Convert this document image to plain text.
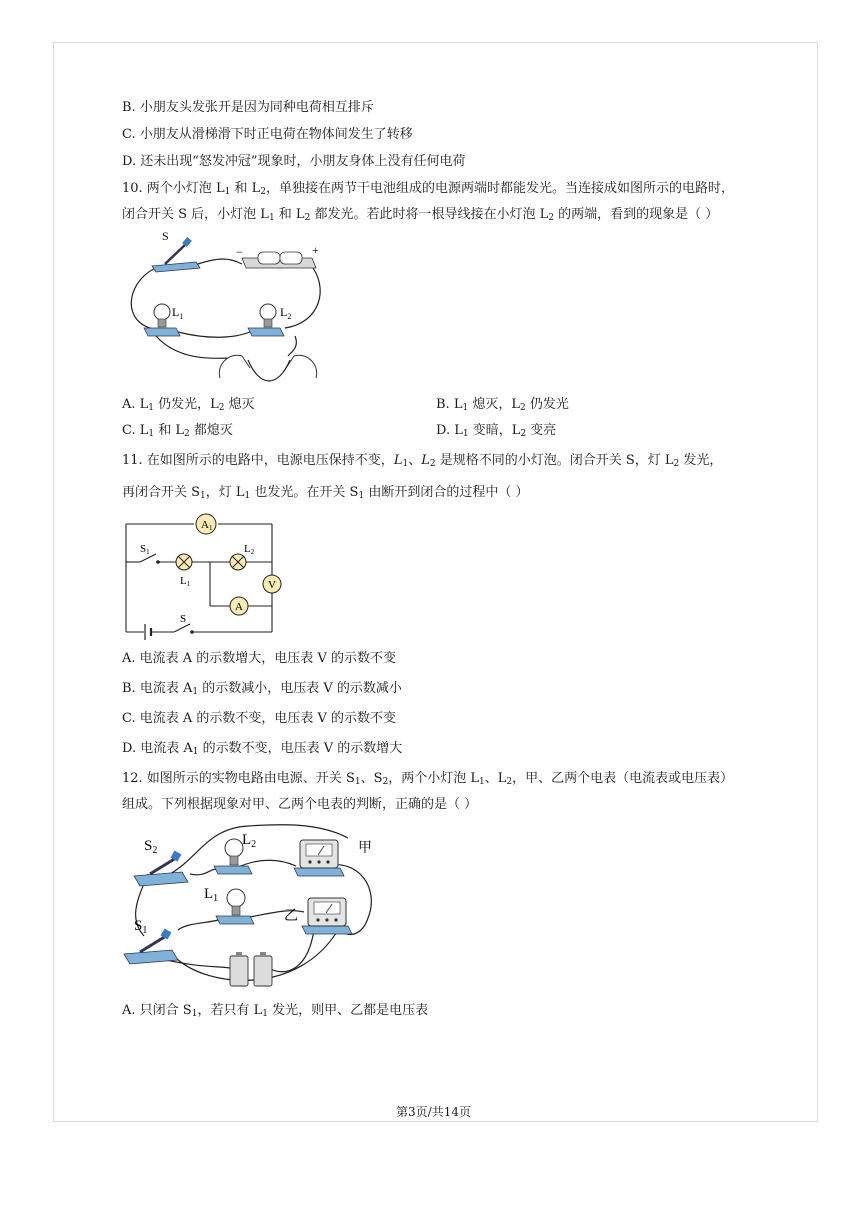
B. 小朋友头发张开是因为同种电荷相互排斥
C. 小朋友从滑梯滑下时正电荷在物体间发生了转移
D. 还未出现“怒发冲冠”现象时，小朋友身体上没有任何电荷
10. 两个小灯泡 $L_1$ 和 $L_2$，单独接在两节干电池组成的电源两端时都能发光。当连接成如图所示的电路时，
闭合开关 S 后，小灯泡 $L_1$ 和 $L_2$ 都发光。若此时将一根导线接在小灯泡 $L_2$ 的两端，看到的现象是（ ）
S
−	+
$L_1$	$L_2$
A. $L_1$ 仍发光，$L_2$ 熄灭	B. $L_1$ 熄灭，$L_2$ 仍发光
C. $L_1$ 和 $L_2$ 都熄灭	D. $L_1$ 变暗，$L_2$ 变亮
11. 在如图所示的电路中，电源电压保持不变，$L_1$、$L_2$ 是规格不同的小灯泡。闭合开关 S，灯 $L_2$ 发光，
再闭合开关 $S_1$，灯 $L_1$ 也发光。在开关 $S_1$ 由断开到闭合的过程中（ ）
A1
V
A
S1
L1
L2
S
A. 电流表 A 的示数增大，电压表 V 的示数不变
B. 电流表 $A_1$ 的示数减小，电压表 V 的示数减小
C. 电流表 A 的示数不变，电压表 V 的示数不变
D. 电流表 $A_1$ 的示数不变，电压表 V 的示数增大
12. 如图所示的实物电路由电源、开关 $S_1$、$S_2$，两个小灯泡 $L_1$、$L_2$，甲、乙两个电表（电流表或电压表）
组成。下列根据现象对甲、乙两个电表的判断，正确的是（ ）
$S_2$
$S_1$
$L_2$
$L_1$
甲
乙
A. 只闭合 $S_1$，若只有 $L_1$ 发光，则甲、乙都是电压表
第3页/共14页
